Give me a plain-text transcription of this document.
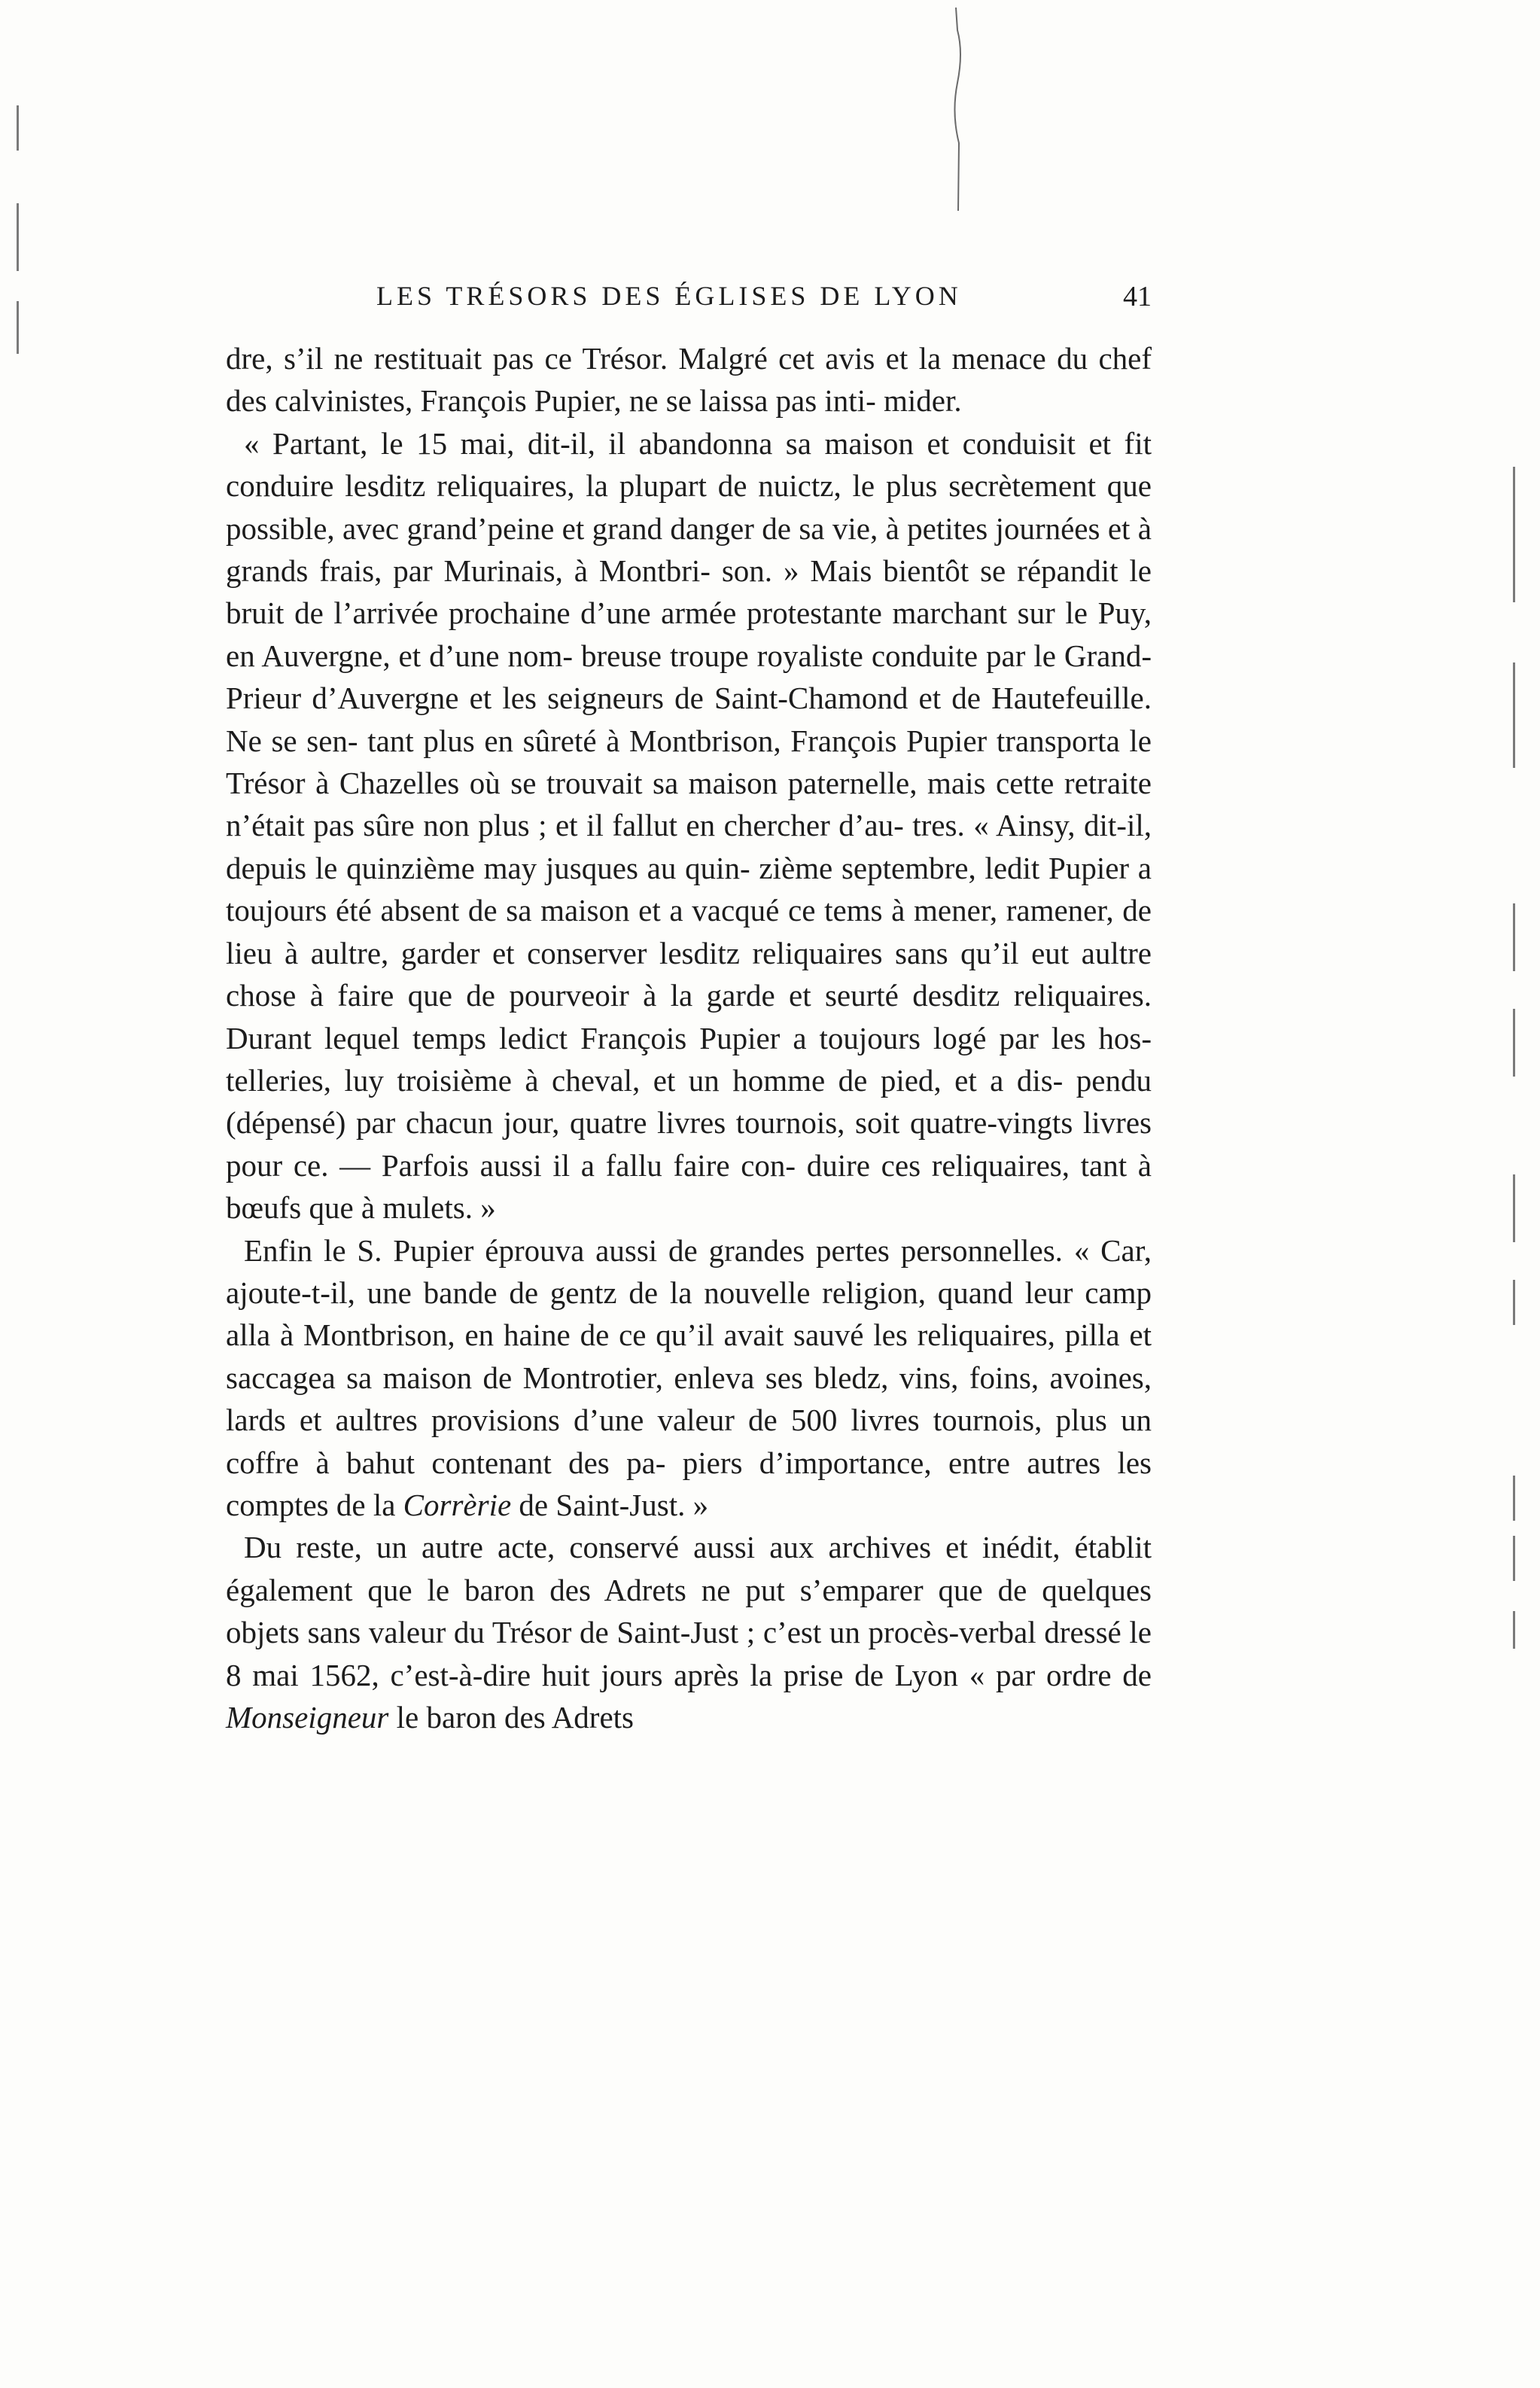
LES TRÉSORS DES ÉGLISES DE LYON	41

dre, s’il ne restituait pas ce Trésor. Malgré cet avis et la menace du chef des calvinistes, François Pupier, ne se laissa pas inti- mider.

« Partant, le 15 mai, dit-il, il abandonna sa maison et conduisit et fit conduire lesditz reliquaires, la plupart de nuictz, le plus secrètement que possible, avec grand’peine et grand danger de sa vie, à petites journées et à grands frais, par Murinais, à Montbri- son. » Mais bientôt se répandit le bruit de l’arrivée prochaine d’une armée protestante marchant sur le Puy, en Auvergne, et d’une nom- breuse troupe royaliste conduite par le Grand-Prieur d’Auvergne et les seigneurs de Saint-Chamond et de Hautefeuille. Ne se sen- tant plus en sûreté à Montbrison, François Pupier transporta le Trésor à Chazelles où se trouvait sa maison paternelle, mais cette retraite n’était pas sûre non plus ; et il fallut en chercher d’au- tres. « Ainsy, dit-il, depuis le quinzième may jusques au quin- zième septembre, ledit Pupier a toujours été absent de sa maison et a vacqué ce tems à mener, ramener, de lieu à aultre, garder et conserver lesditz reliquaires sans qu’il eut aultre chose à faire que de pourveoir à la garde et seurté desditz reliquaires. Durant lequel temps ledict François Pupier a toujours logé par les hos- telleries, luy troisième à cheval, et un homme de pied, et a dis- pendu (dépensé) par chacun jour, quatre livres tournois, soit quatre-vingts livres pour ce. — Parfois aussi il a fallu faire con- duire ces reliquaires, tant à bœufs que à mulets. »

Enfin le S. Pupier éprouva aussi de grandes pertes personnelles. « Car, ajoute-t-il, une bande de gentz de la nouvelle religion, quand leur camp alla à Montbrison, en haine de ce qu’il avait sauvé les reliquaires, pilla et saccagea sa maison de Montrotier, enleva ses bledz, vins, foins, avoines, lards et aultres provisions d’une valeur de 500 livres tournois, plus un coffre à bahut contenant des pa- piers d’importance, entre autres les comptes de la Corrèrie de Saint-Just. »

Du reste, un autre acte, conservé aussi aux archives et inédit, établit également que le baron des Adrets ne put s’emparer que de quelques objets sans valeur du Trésor de Saint-Just ; c’est un procès-verbal dressé le 8 mai 1562, c’est-à-dire huit jours après la prise de Lyon « par ordre de Monseigneur le baron des Adrets
